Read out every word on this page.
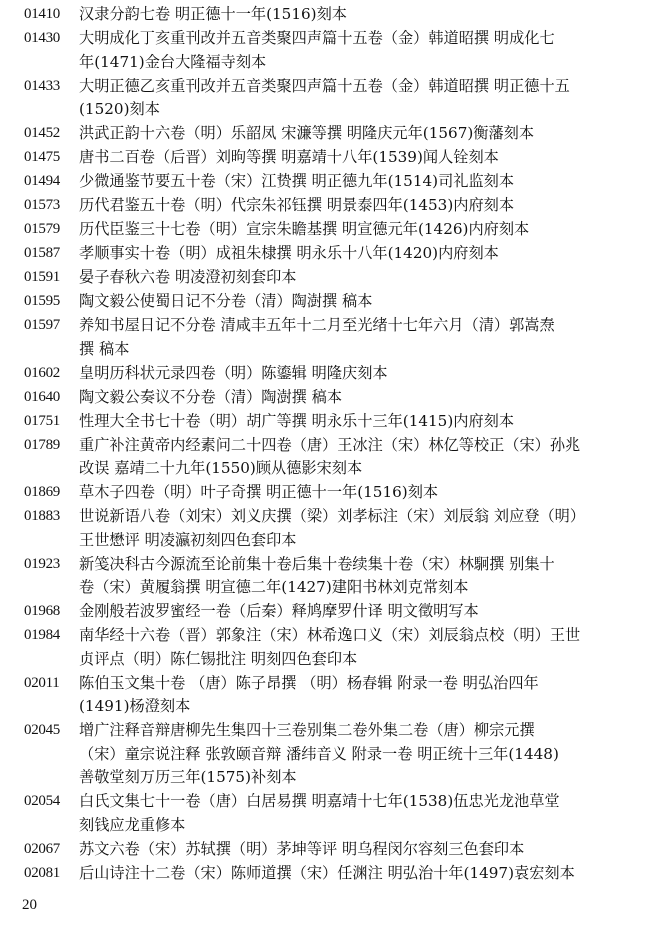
01410	汉隶分韵七卷 明正德十一年(1516)刻本
01430	大明成化丁亥重刊改并五音类聚四声篇十五卷（金）韩道昭撰 明成化七
年(1471)金台大隆福寺刻本
01433	大明正德乙亥重刊改并五音类聚四声篇十五卷（金）韩道昭撰 明正德十五
(1520)刻本
01452	洪武正韵十六卷（明）乐韶凤 宋濂等撰 明隆庆元年(1567)衡藩刻本
01475	唐书二百卷（后晋）刘昫等撰 明嘉靖十八年(1539)闻人铨刻本
01494	少微通鉴节要五十卷（宋）江贽撰 明正德九年(1514)司礼监刻本
01573	历代君鉴五十卷（明）代宗朱祁钰撰 明景泰四年(1453)内府刻本
01579	历代臣鉴三十七卷（明）宣宗朱瞻基撰 明宣德元年(1426)内府刻本
01587	孝顺事实十卷（明）成祖朱棣撰 明永乐十八年(1420)内府刻本
01591	晏子春秋六卷 明凌澄初刻套印本
01595	陶文毅公使蜀日记不分卷（清）陶澍撰 稿本
01597	养知书屋日记不分卷 清咸丰五年十二月至光绪十七年六月（清）郭嵩焘
撰 稿本
01602	皇明历科状元录四卷（明）陈鎏辑 明隆庆刻本
01640	陶文毅公奏议不分卷（清）陶澍撰 稿本
01751	性理大全书七十卷（明）胡广等撰 明永乐十三年(1415)内府刻本
01789	重广补注黄帝内经素问二十四卷（唐）王冰注（宋）林亿等校正（宋）孙兆
改误 嘉靖二十九年(1550)顾从德影宋刻本
01869	草木子四卷（明）叶子奇撰 明正德十一年(1516)刻本
01883	世说新语八卷（刘宋）刘义庆撰（梁）刘孝标注（宋）刘辰翁 刘应登（明）
王世懋评 明凌瀛初刻四色套印本
01923	新笺决科古今源流至论前集十卷后集十卷续集十卷（宋）林駉撰 别集十
卷（宋）黄履翁撰 明宣德二年(1427)建阳书林刘克常刻本
01968	金刚般若波罗蜜经一卷（后秦）释鸠摩罗什译 明文徵明写本
01984	南华经十六卷（晋）郭象注（宋）林希逸口义（宋）刘辰翁点校（明）王世
贞评点（明）陈仁锡批注 明刻四色套印本
02011	陈伯玉文集十卷 （唐）陈子昂撰 （明）杨春辑 附录一卷 明弘治四年
(1491)杨澄刻本
02045	增广注释音辩唐柳先生集四十三卷别集二卷外集二卷（唐）柳宗元撰
（宋）童宗说注释 张敦颐音辩 潘纬音义 附录一卷 明正统十三年(1448)
善敬堂刻万历三年(1575)补刻本
02054	白氏文集七十一卷（唐）白居易撰 明嘉靖十七年(1538)伍忠光龙池草堂
刻钱应龙重修本
02067	苏文六卷（宋）苏轼撰（明）茅坤等评 明乌程闵尔容刻三色套印本
02081	后山诗注十二卷（宋）陈师道撰（宋）任渊注 明弘治十年(1497)袁宏刻本
20
